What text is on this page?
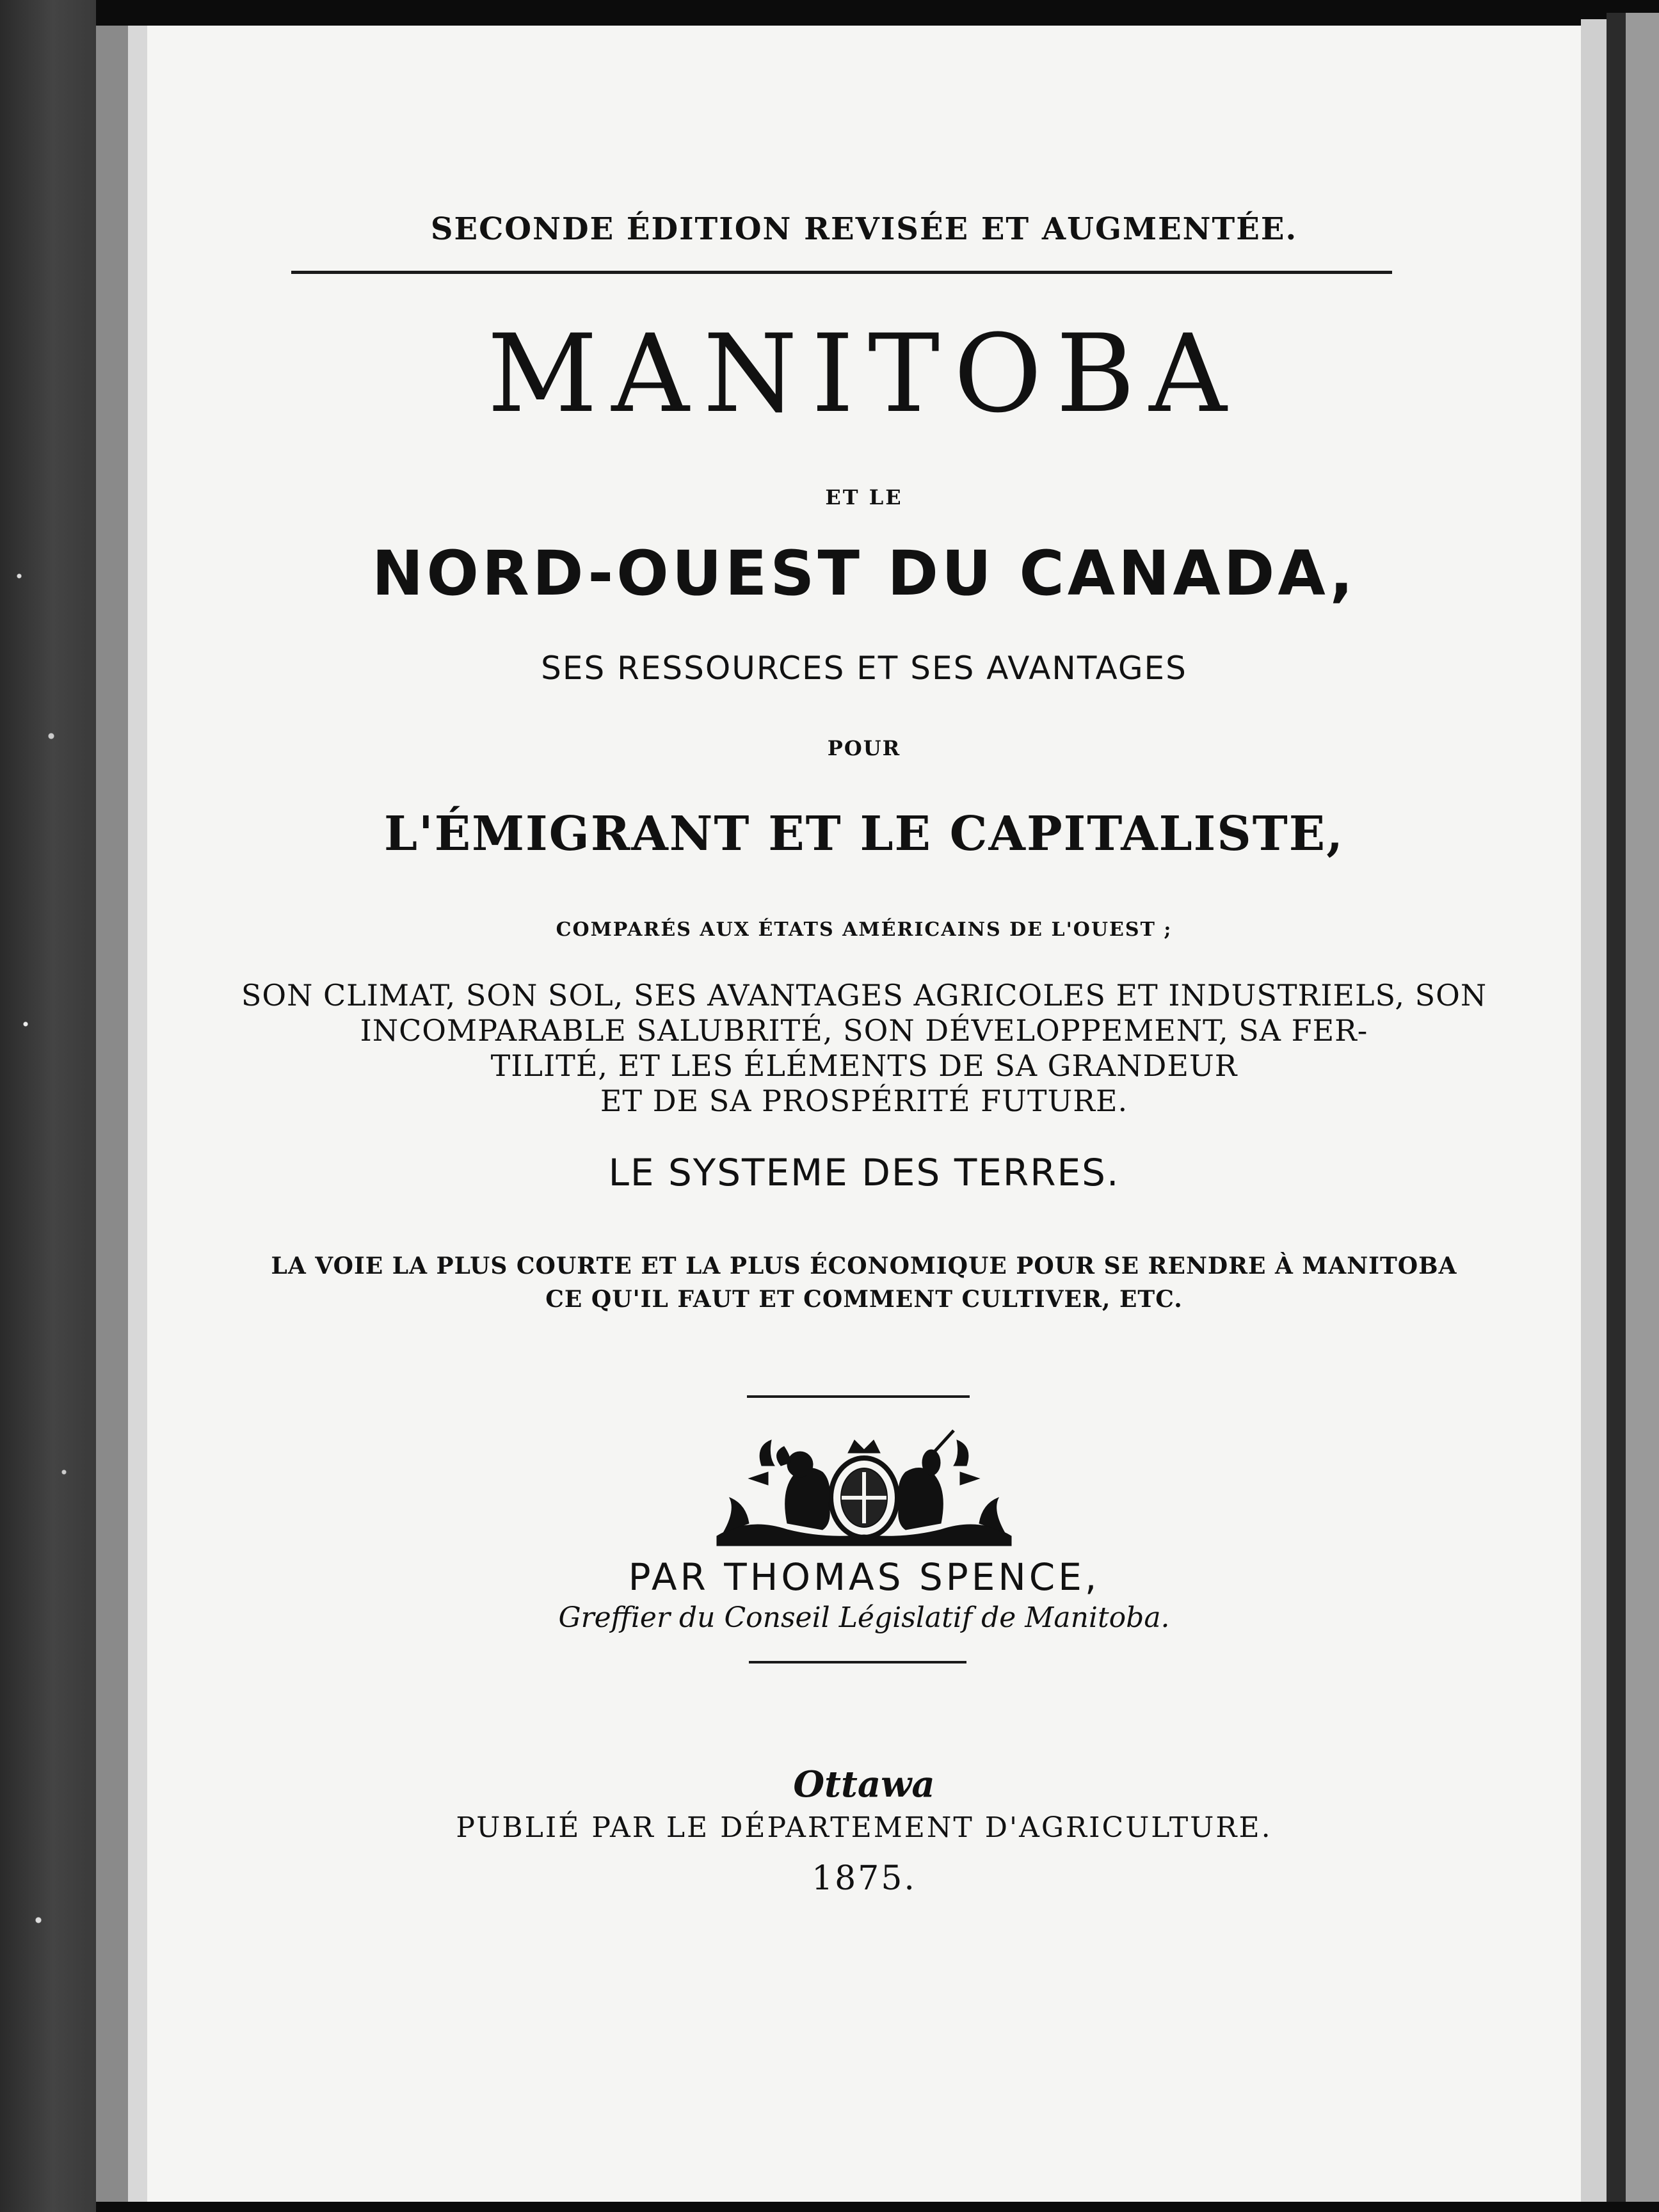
SECONDE ÉDITION REVISÉE ET AUGMENTÉE.

MANITOBA

ET LE

NORD-OUEST DU CANADA,

SES RESSOURCES ET SES AVANTAGES

POUR

L'ÉMIGRANT ET LE CAPITALISTE,

COMPARÉS AUX ÉTATS AMÉRICAINS DE L'OUEST ;

SON CLIMAT, SON SOL, SES AVANTAGES AGRICOLES ET INDUSTRIELS, SON
INCOMPARABLE SALUBRITÉ, SON DÉVELOPPEMENT, SA FER-
TILITÉ, ET LES ÉLÉMENTS DE SA GRANDEUR
ET DE SA PROSPÉRITÉ FUTURE.

LE SYSTEME DES TERRES.

LA VOIE LA PLUS COURTE ET LA PLUS ÉCONOMIQUE POUR SE RENDRE À MANITOBA
CE QU'IL FAUT ET COMMENT CULTIVER, ETC.

PAR THOMAS SPENCE,

Greffier du Conseil Législatif de Manitoba.

Ottawa

PUBLIÉ PAR LE DÉPARTEMENT D'AGRICULTURE.

1875.
